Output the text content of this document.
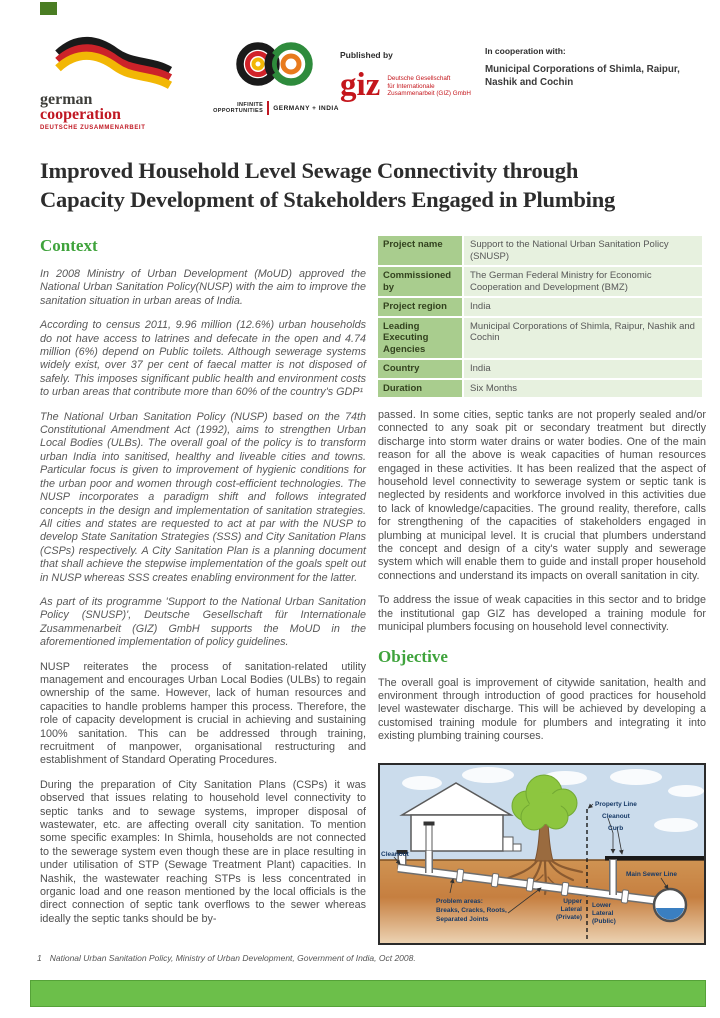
german
cooperation
DEUTSCHE ZUSAMMENARBEIT
INFINITE
OPPORTUNITIES GERMANY + INDIA
Published by
giz Deutsche Gesellschaft
für Internationale
Zusammenarbeit (GIZ) GmbH
In cooperation with:
Municipal Corporations of Shimla, Raipur, Nashik and Cochin
Improved Household Level Sewage Connectivity through
Capacity Development of Stakeholders Engaged in Plumbing
Context

In 2008 Ministry of Urban Development (MoUD) approved the National Urban Sanitation Policy(NUSP) with the aim to improve the sanitation situation in urban areas of India.

According to census 2011, 9.96 million (12.6%) urban households do not have access to latrines and defecate in the open and 4.74 million (6%) depend on Public toilets. Although sewerage systems widely exist, over 37 per cent of faecal matter is not disposed of safely. This imposes significant public health and environment costs to urban areas that contribute more than 60% of the country's GDP¹

The National Urban Sanitation Policy (NUSP) based on the 74th Constitutional Amendment Act (1992), aims to strengthen Urban Local Bodies (ULBs). The overall goal of the policy is to transform urban India into sanitised, healthy and liveable cities and towns. Particular focus is given to improvement of hygienic conditions for the urban poor and women through cost-efficient technologies. The NUSP incorporates a paradigm shift and follows integrated concepts in the design and implementation of sanitation strategies. All cities and states are requested to act at par with the NUSP to develop State Sanitation Strategies (SSS) and City Sanitation Plans (CSPs) respectively. A City Sanitation Plan is a planning document that shall achieve the stepwise implementation of the goals spelt out in NUSP whereas SSS creates enabling environment for the latter.

As part of its programme 'Support to the National Urban Sanitation Policy (SNUSP)', Deutsche Gesellschaft für Internationale Zusammenarbeit (GIZ) GmbH supports the MoUD in the aforementioned implementation of policy guidelines.

NUSP reiterates the process of sanitation-related utility management and encourages Urban Local Bodies (ULBs) to regain ownership of the same. However, lack of human resources and capacities to handle problems hamper this process. Therefore, the role of capacity development is crucial in achieving and sustaining 100% sanitation. This can be addressed through training, recruitment of manpower, organisational restructuring and establishment of Standard Operating Procedures.

During the preparation of City Sanitation Plans (CSPs) it was observed that issues relating to household level connectivity to septic tanks and to sewage systems, improper disposal of wastewater, etc. are affecting overall city sanitation. To mention some specific examples: In Shimla, households are not connected to the sewerage system even though these are in place resulting in under utilisation of STP (Sewage Treatment Plant) capacities. In Nashik, the wastewater reaching STPs is less concentrated in organic load and one reason mentioned by the local officials is the direct connection of septic tank overflows to the sewer whereas ideally the septic tanks should be by-

Project name	Support to the National Urban Sanitation Policy (SNUSP)
Commissioned by	The German Federal Ministry for Economic Cooperation and Development (BMZ)
Project region	India
Leading Executing Agencies	Municipal Corporations of Shimla, Raipur, Nashik and Cochin
Country	India
Duration	Six Months

passed. In some cities, septic tanks are not properly sealed and/or connected to any soak pit or secondary treatment but directly discharge into storm water drains or water bodies. One of the main reason for all the above is weak capacities of human resources engaged in these activities. It has been realized that the aspect of household level connectivity to sewerage system or septic tank is neglected by residents and workforce involved in this activities due to lack of knowledge/capacities. The ground reality, therefore, calls for strengthening of the capacities of stakeholders engaged in plumbing at municipal level. It is crucial that plumbers understand the concept and design of a city's water supply and sewerage system which will enable them to guide and install proper household connections and understand its impacts on overall sanitation in city.

To address the issue of weak capacities in this sector and to bridge the institutional gap GIZ has developed a training module for municipal plumbers focusing on household level connectivity.

Objective

The overall goal is improvement of citywide sanitation, health and environment through introduction of good practices for household level wastewater discharge. This will be achieved by developing a customised training module for plumbers and integrating it into existing plumbing training courses.

Cleanout
Property Line
Cleanout
Curb
Main Sewer Line
Problem areas:
Breaks, Cracks, Roots,
Separated Joints
Upper
Lateral
(Private)
Lower
Lateral
(Public)
1 National Urban Sanitation Policy, Ministry of Urban Development, Government of India, Oct 2008.
